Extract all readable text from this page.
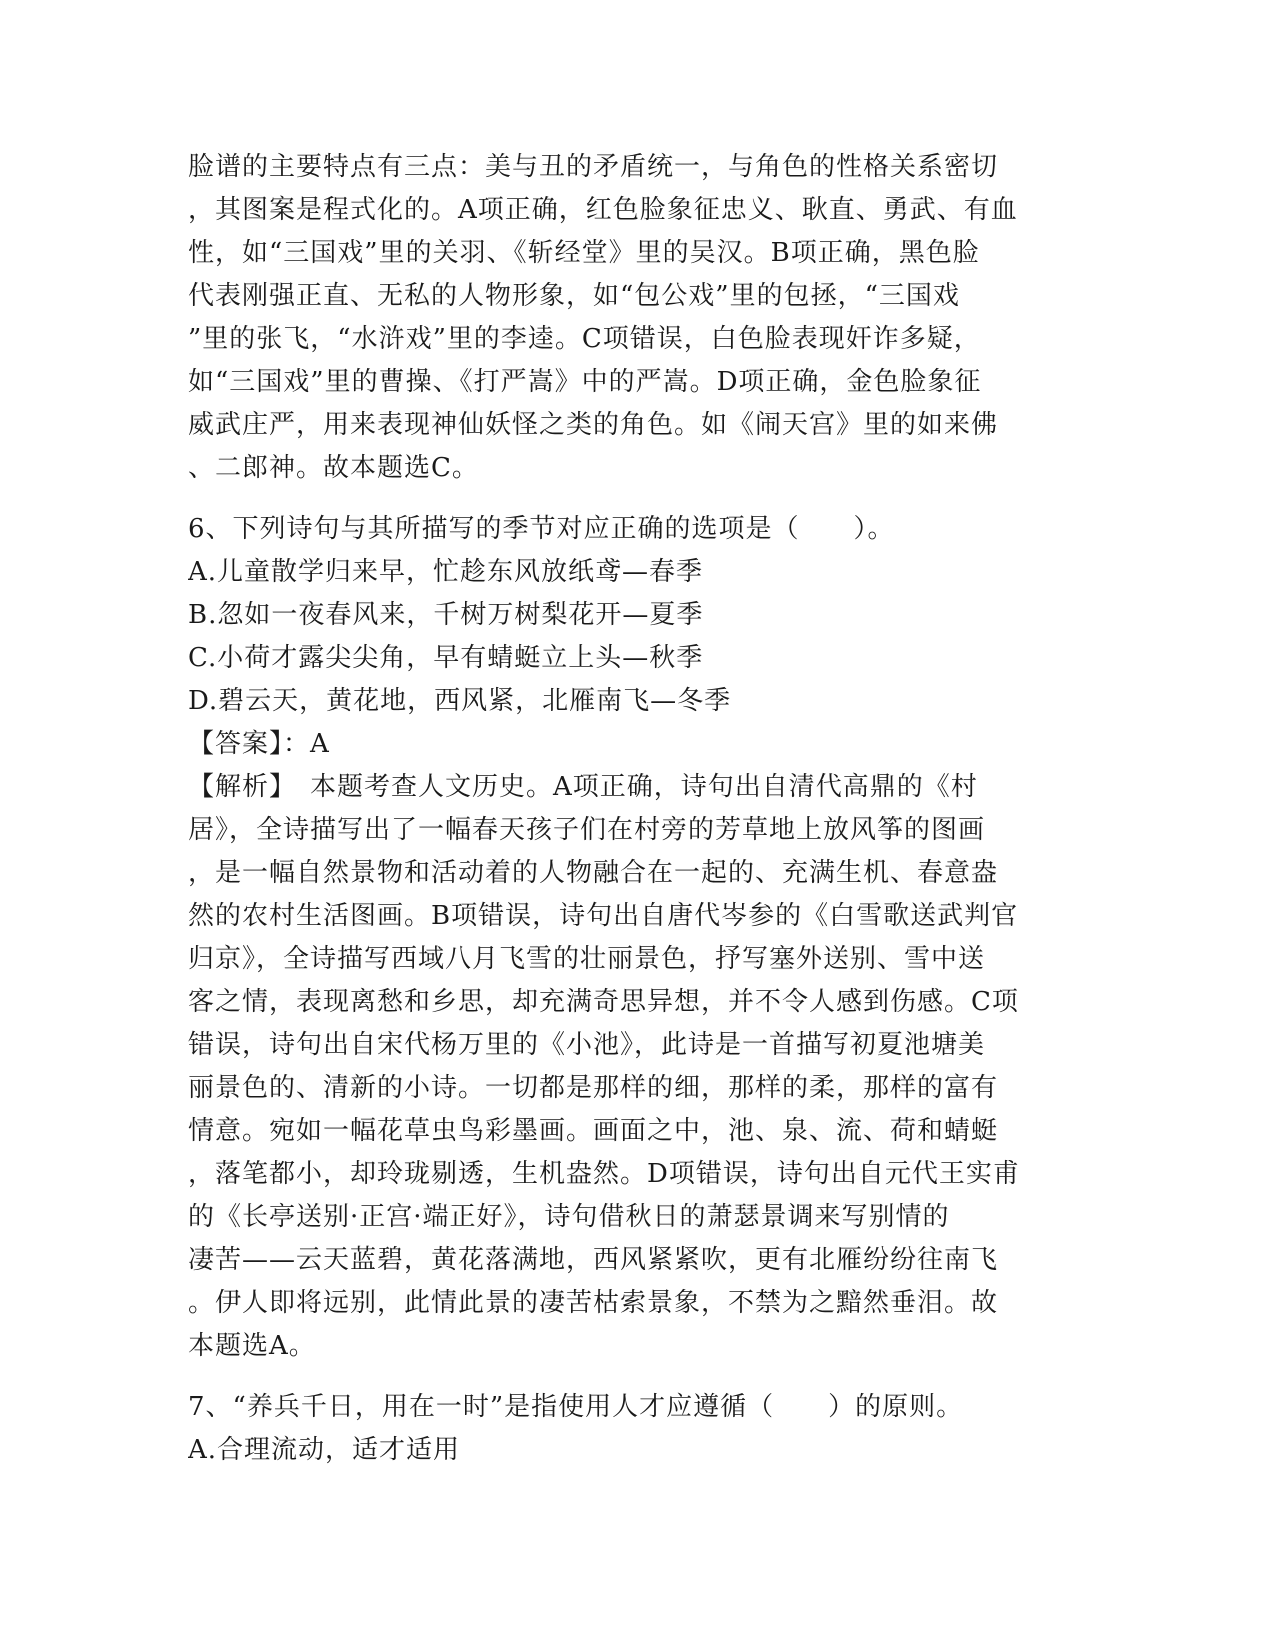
脸谱的主要特点有三点：美与丑的矛盾统一，与角色的性格关系密切
，其图案是程式化的。A项正确，红色脸象征忠义、耿直、勇武、有血
性，如“三国戏”里的关羽、《斩经堂》里的吴汉。B项正确，黑色脸
代表刚强正直、无私的人物形象，如“包公戏”里的包拯，“三国戏
”里的张飞，“水浒戏”里的李逵。C项错误，白色脸表现奸诈多疑，
如“三国戏”里的曹操、《打严嵩》中的严嵩。D项正确，金色脸象征
威武庄严，用来表现神仙妖怪之类的角色。如《闹天宫》里的如来佛
、二郎神。故本题选C。
6、下列诗句与其所描写的季节对应正确的选项是（　　）。
A.儿童散学归来早，忙趁东风放纸鸢—春季
B.忽如一夜春风来，千树万树梨花开—夏季
C.小荷才露尖尖角，早有蜻蜓立上头—秋季
D.碧云天，黄花地，西风紧，北雁南飞—冬季
【答案】：A
【解析】　本题考查人文历史。A项正确，诗句出自清代高鼎的《村
居》，全诗描写出了一幅春天孩子们在村旁的芳草地上放风筝的图画
，是一幅自然景物和活动着的人物融合在一起的、充满生机、春意盎
然的农村生活图画。B项错误，诗句出自唐代岑参的《白雪歌送武判官
归京》，全诗描写西域八月飞雪的壮丽景色，抒写塞外送别、雪中送
客之情，表现离愁和乡思，却充满奇思异想，并不令人感到伤感。C项
错误，诗句出自宋代杨万里的《小池》，此诗是一首描写初夏池塘美
丽景色的、清新的小诗。一切都是那样的细，那样的柔，那样的富有
情意。宛如一幅花草虫鸟彩墨画。画面之中，池、泉、流、荷和蜻蜓
，落笔都小，却玲珑剔透，生机盎然。D项错误，诗句出自元代王实甫
的《长亭送别·正宫·端正好》，诗句借秋日的萧瑟景调来写别情的
凄苦——云天蓝碧，黄花落满地，西风紧紧吹，更有北雁纷纷往南飞
。伊人即将远别，此情此景的凄苦枯索景象，不禁为之黯然垂泪。故
本题选A。
7、“养兵千日，用在一时”是指使用人才应遵循（　　）的原则。
A.合理流动，适才适用
